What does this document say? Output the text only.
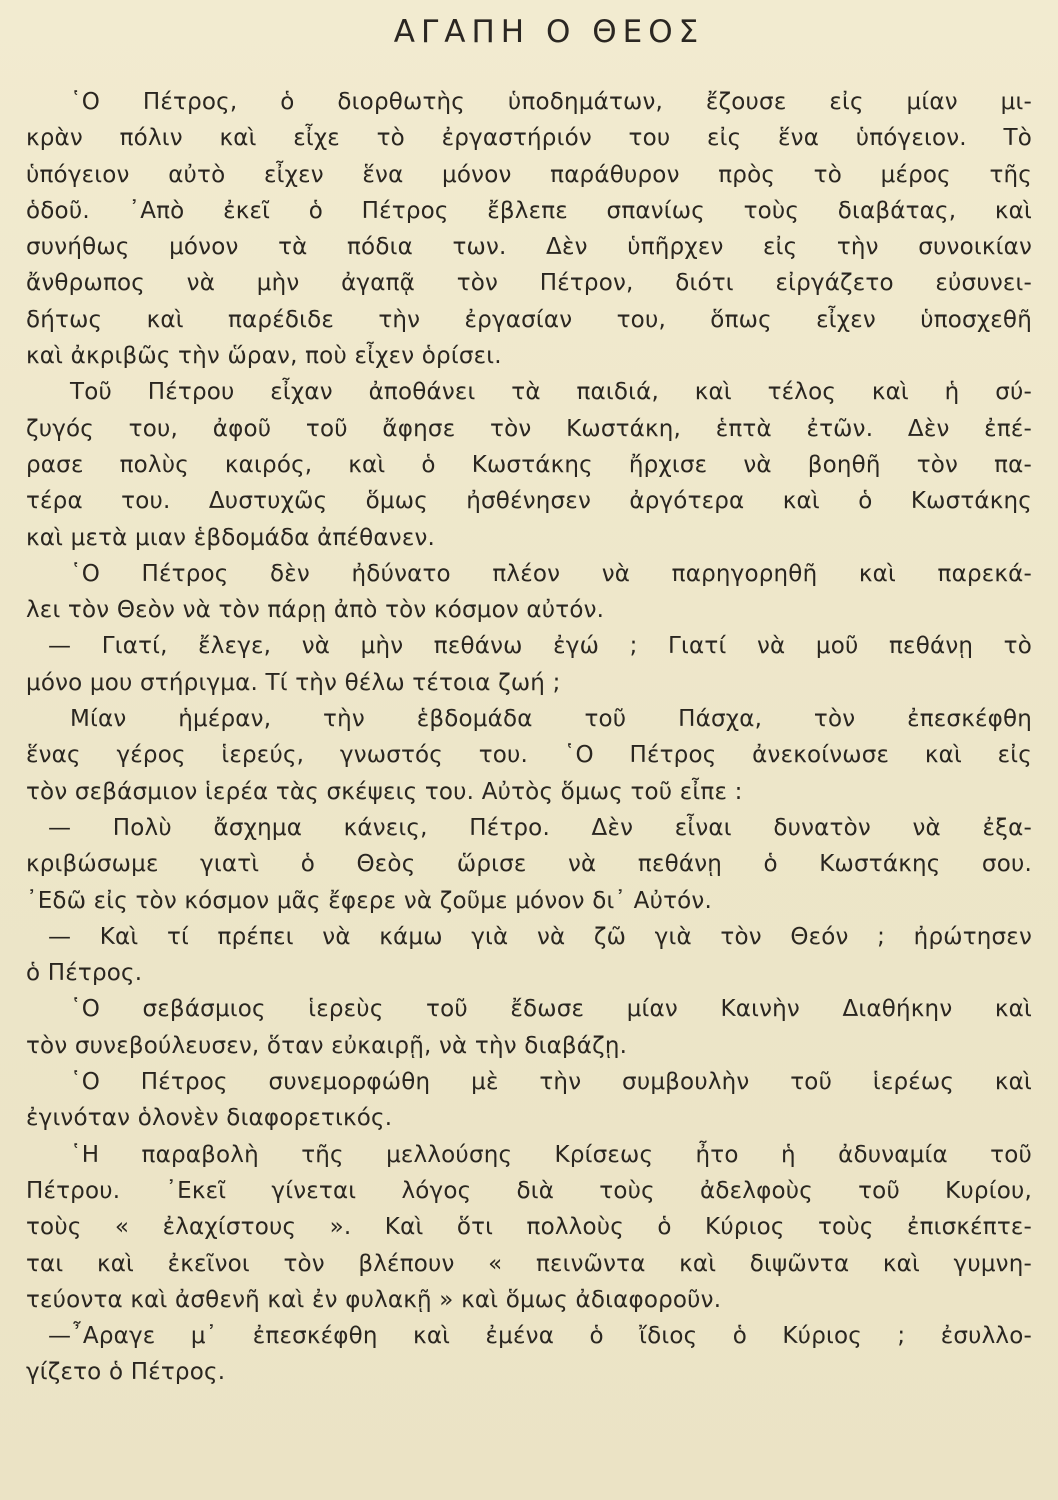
ΑΓΑΠΗ Ο ΘΕΟΣ
῾Ο Πέτρος, ὁ διορθωτὴς ὑποδημάτων, ἔζουσε εἰς μίαν μι-
κρὰν πόλιν καὶ εἶχε τὸ ἐργαστήριόν του εἰς ἕνα ὑπόγειον. Τὸ
ὑπόγειον αὐτὸ εἶχεν ἕνα μόνον παράθυρον πρὸς τὸ μέρος τῆς
ὁδοῦ. ᾿Απὸ ἐκεῖ ὁ Πέτρος ἔβλεπε σπανίως τοὺς διαβάτας, καὶ
συνήθως μόνον τὰ πόδια των. Δὲν ὑπῆρχεν εἰς τὴν συνοικίαν
ἄνθρωπος νὰ μὴν ἀγαπᾷ τὸν Πέτρον, διότι εἰργάζετο εὐσυνει-
δήτως καὶ παρέδιδε τὴν ἐργασίαν του, ὅπως εἶχεν ὑποσχεθῆ
καὶ ἀκριβῶς τὴν ὥραν, ποὺ εἶχεν ὁρίσει.
Τοῦ Πέτρου εἶχαν ἀποθάνει τὰ παιδιά, καὶ τέλος καὶ ἡ σύ-
ζυγός του, ἀφοῦ τοῦ ἄφησε τὸν Κωστάκη, ἑπτὰ ἐτῶν. Δὲν ἐπέ-
ρασε πολὺς καιρός, καὶ ὁ Κωστάκης ἤρχισε νὰ βοηθῆ τὸν πα-
τέρα του. Δυστυχῶς ὅμως ἠσθένησεν ἀργότερα καὶ ὁ Κωστάκης
καὶ μετὰ μιαν ἑβδομάδα ἀπέθανεν.
῾Ο Πέτρος δὲν ἠδύνατο πλέον νὰ παρηγορηθῆ καὶ παρεκά-
λει τὸν Θεὸν νὰ τὸν πάρῃ ἀπὸ τὸν κόσμον αὐτόν.
— Γιατί, ἔλεγε, νὰ μὴν πεθάνω ἐγώ ; Γιατί νὰ μοῦ πεθάνῃ τὸ
μόνο μου στήριγμα. Τί τὴν θέλω τέτοια ζωή ;
Μίαν ἡμέραν, τὴν ἑβδομάδα τοῦ Πάσχα, τὸν ἐπεσκέφθη
ἕνας γέρος ἱερεύς, γνωστός του. ῾Ο Πέτρος ἀνεκοίνωσε καὶ εἰς
τὸν σεβάσμιον ἱερέα τὰς σκέψεις του. Αὐτὸς ὅμως τοῦ εἶπε :
— Πολὺ ἄσχημα κάνεις, Πέτρο. Δὲν εἶναι δυνατὸν νὰ ἐξα-
κριβώσωμε γιατὶ ὁ Θεὸς ὥρισε νὰ πεθάνῃ ὁ Κωστάκης σου.
᾿Εδῶ εἰς τὸν κόσμον μᾶς ἔφερε νὰ ζοῦμε μόνον δι᾿ Αὐτόν.
— Καὶ τί πρέπει νὰ κάμω γιὰ νὰ ζῶ γιὰ τὸν Θεόν ; ἠρώτησεν
ὁ Πέτρος.
῾Ο σεβάσμιος ἱερεὺς τοῦ ἔδωσε μίαν Καινὴν Διαθήκην καὶ
τὸν συνεβούλευσεν, ὅταν εὐκαιρῇ, νὰ τὴν διαβάζῃ.
῾Ο Πέτρος συνεμορφώθη μὲ τὴν συμβουλὴν τοῦ ἱερέως καὶ
ἐγινόταν ὁλονὲν διαφορετικός.
῾Η παραβολὴ τῆς μελλούσης Κρίσεως ἦτο ἡ ἀδυναμία τοῦ
Πέτρου. ᾿Εκεῖ γίνεται λόγος διὰ τοὺς ἀδελφοὺς τοῦ Κυρίου,
τοὺς « ἐλαχίστους ». Καὶ ὅτι πολλοὺς ὁ Κύριος τοὺς ἐπισκέπτε-
ται καὶ ἐκεῖνοι τὸν βλέπουν « πεινῶντα καὶ διψῶντα καὶ γυμνη-
τεύοντα καὶ ἀσθενῆ καὶ ἐν φυλακῇ » καὶ ὅμως ἀδιαφοροῦν.
—῏Αραγε μ᾿ ἐπεσκέφθη καὶ ἐμένα ὁ ἴδιος ὁ Κύριος ; ἐσυλλο-
γίζετο ὁ Πέτρος.
